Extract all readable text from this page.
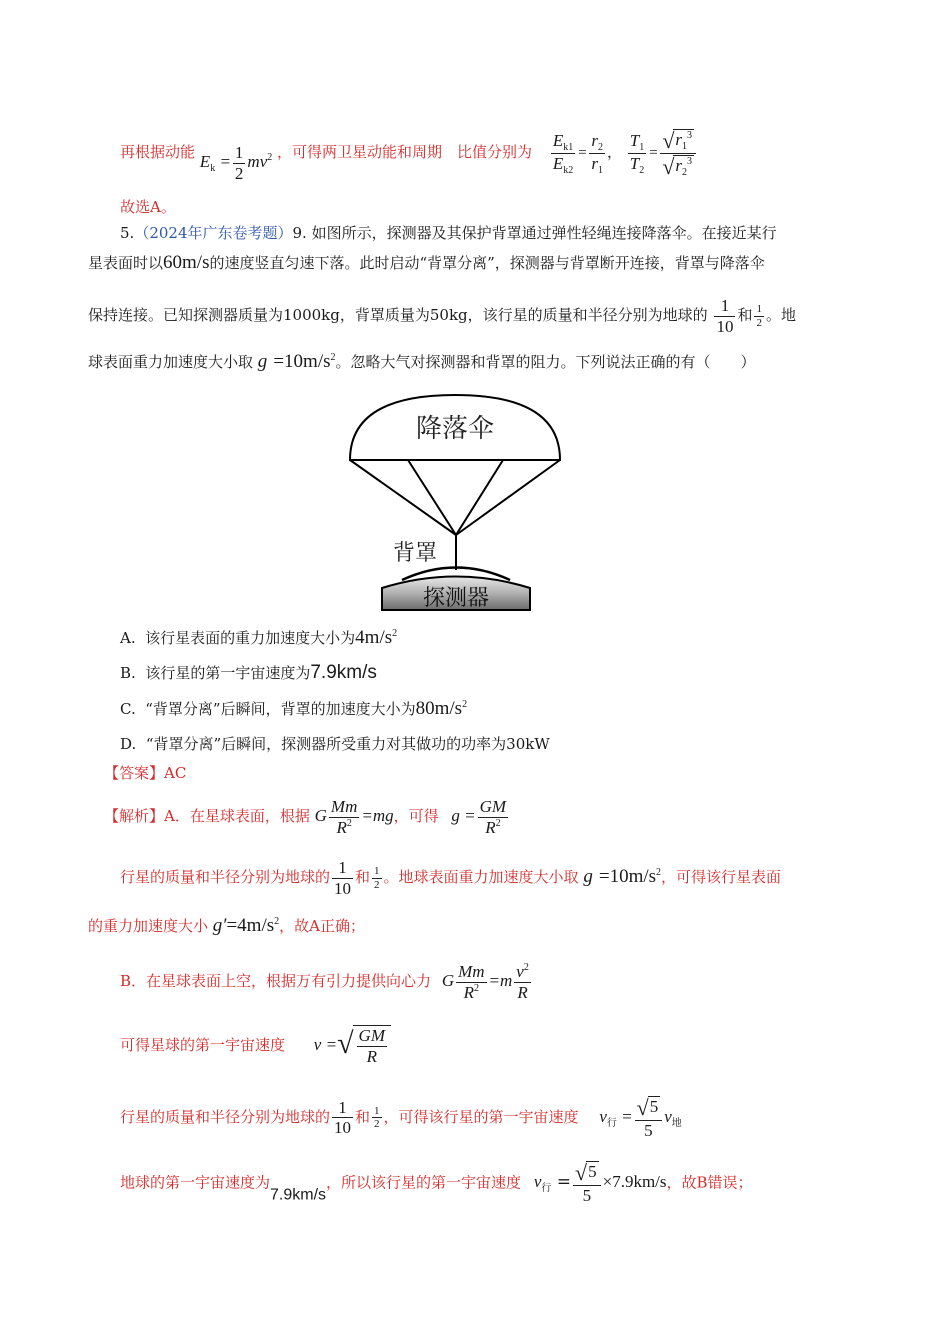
再根据动能 $E_k = \frac{1}{2} mv^2$ ，可得两卫星动能和周期　比值分别为 $\frac{E_{k1}}{E_{k2}} = \frac{r_2}{r_1}$ ， $\frac{T_1}{T_2} = \frac{√r_1^3}{√r_2^3}$
故选A。
5.（2024年广东卷考题）9. 如图所示，探测器及其保护背罩通过弹性轻绳连接降落伞。在接近某行
星表面时以60m/s的速度竖直匀速下落。此时启动“背罩分离”，探测器与背罩断开连接，背罩与降落伞
保持连接。已知探测器质量为1000kg，背罩质量为50kg，该行星的质量和半径分别为地球的 $\frac{1}{10}$ 和 $\frac{1}{2}$ 。地
球表面重力加速度大小取 $g =10m/s^2$。忽略大气对探测器和背罩的阻力。下列说法正确的有（　　）
降落伞
背罩
探测器
A. 该行星表面的重力加速度大小为$4m/s^2$
B. 该行星的第一宇宙速度为7.9km/s
C. “背罩分离”后瞬间，背罩的加速度大小为$80m/s^2$
D. “背罩分离”后瞬间，探测器所受重力对其做功的功率为30kW
【答案】AC
【解析】A．在星球表面，根据 G $\frac{Mm}{R^2} =mg$，可得 $g = \frac{GM}{R^2}$
行星的质量和半径分别为地球的 $\frac{1}{10}$ 和 $\frac{1}{2}$ 。地球表面重力加速度大小取 $g =10m/s^2$，可得该行星表面
的重力加速度大小 $g'=4m/s^2$，故A正确；
B．在星球表面上空，根据万有引力提供向心力 G $\frac{Mm}{R^2} =m \frac{v^2}{R}$
可得星球的第一宇宙速度 v =√ $\frac{GM}{R}$
行星的质量和半径分别为地球的 $\frac{1}{10}$ 和 $\frac{1}{2}$ ，可得该行星的第一宇宙速度 $v_行 = \frac{√5}{5} v_地$
地球的第一宇宙速度为7.9km/s，所以该行星的第一宇宙速度 $v_行 = \frac{√5}{5} \times 7.9km/s$，故B错误；
